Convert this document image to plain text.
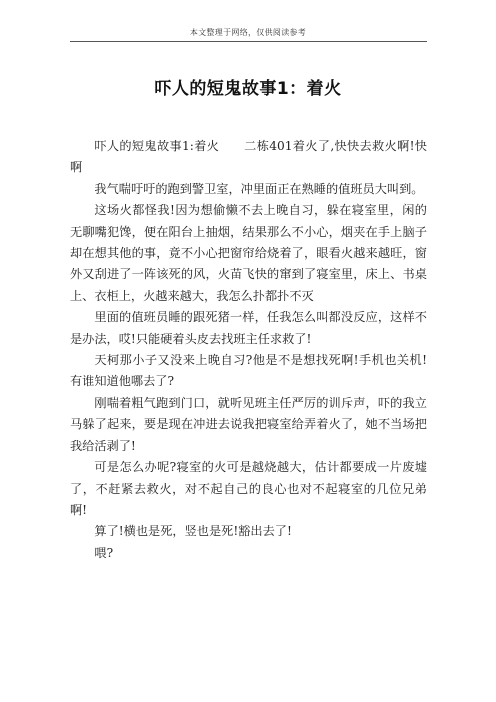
本文整理于网络，仅供阅读参考
吓人的短鬼故事1：着火

吓人的短鬼故事1:着火　　二栋401着火了,快快去救火啊!快啊

我气喘吁吁的跑到警卫室，冲里面正在熟睡的值班员大叫到。

这场火都怪我!因为想偷懒不去上晚自习，躲在寝室里，闲的无聊嘴犯馋，便在阳台上抽烟，结果那么不小心，烟夹在手上脑子却在想其他的事，竟不小心把窗帘给烧着了，眼看火越来越旺，窗外又刮进了一阵该死的风，火苗飞快的窜到了寝室里，床上、书桌上、衣柜上，火越来越大，我怎么扑都扑不灭

里面的值班员睡的跟死猪一样，任我怎么叫都没反应，这样不是办法，哎!只能硬着头皮去找班主任求救了!

天柯那小子又没来上晚自习?他是不是想找死啊!手机也关机!有谁知道他哪去了?

刚喘着粗气跑到门口，就听见班主任严厉的训斥声，吓的我立马躲了起来，要是现在冲进去说我把寝室给弄着火了，她不当场把我给活剥了!

可是怎么办呢?寝室的火可是越烧越大，估计都要成一片废墟了，不赶紧去救火，对不起自己的良心也对不起寝室的几位兄弟啊!

算了!横也是死，竖也是死!豁出去了!

喂?
